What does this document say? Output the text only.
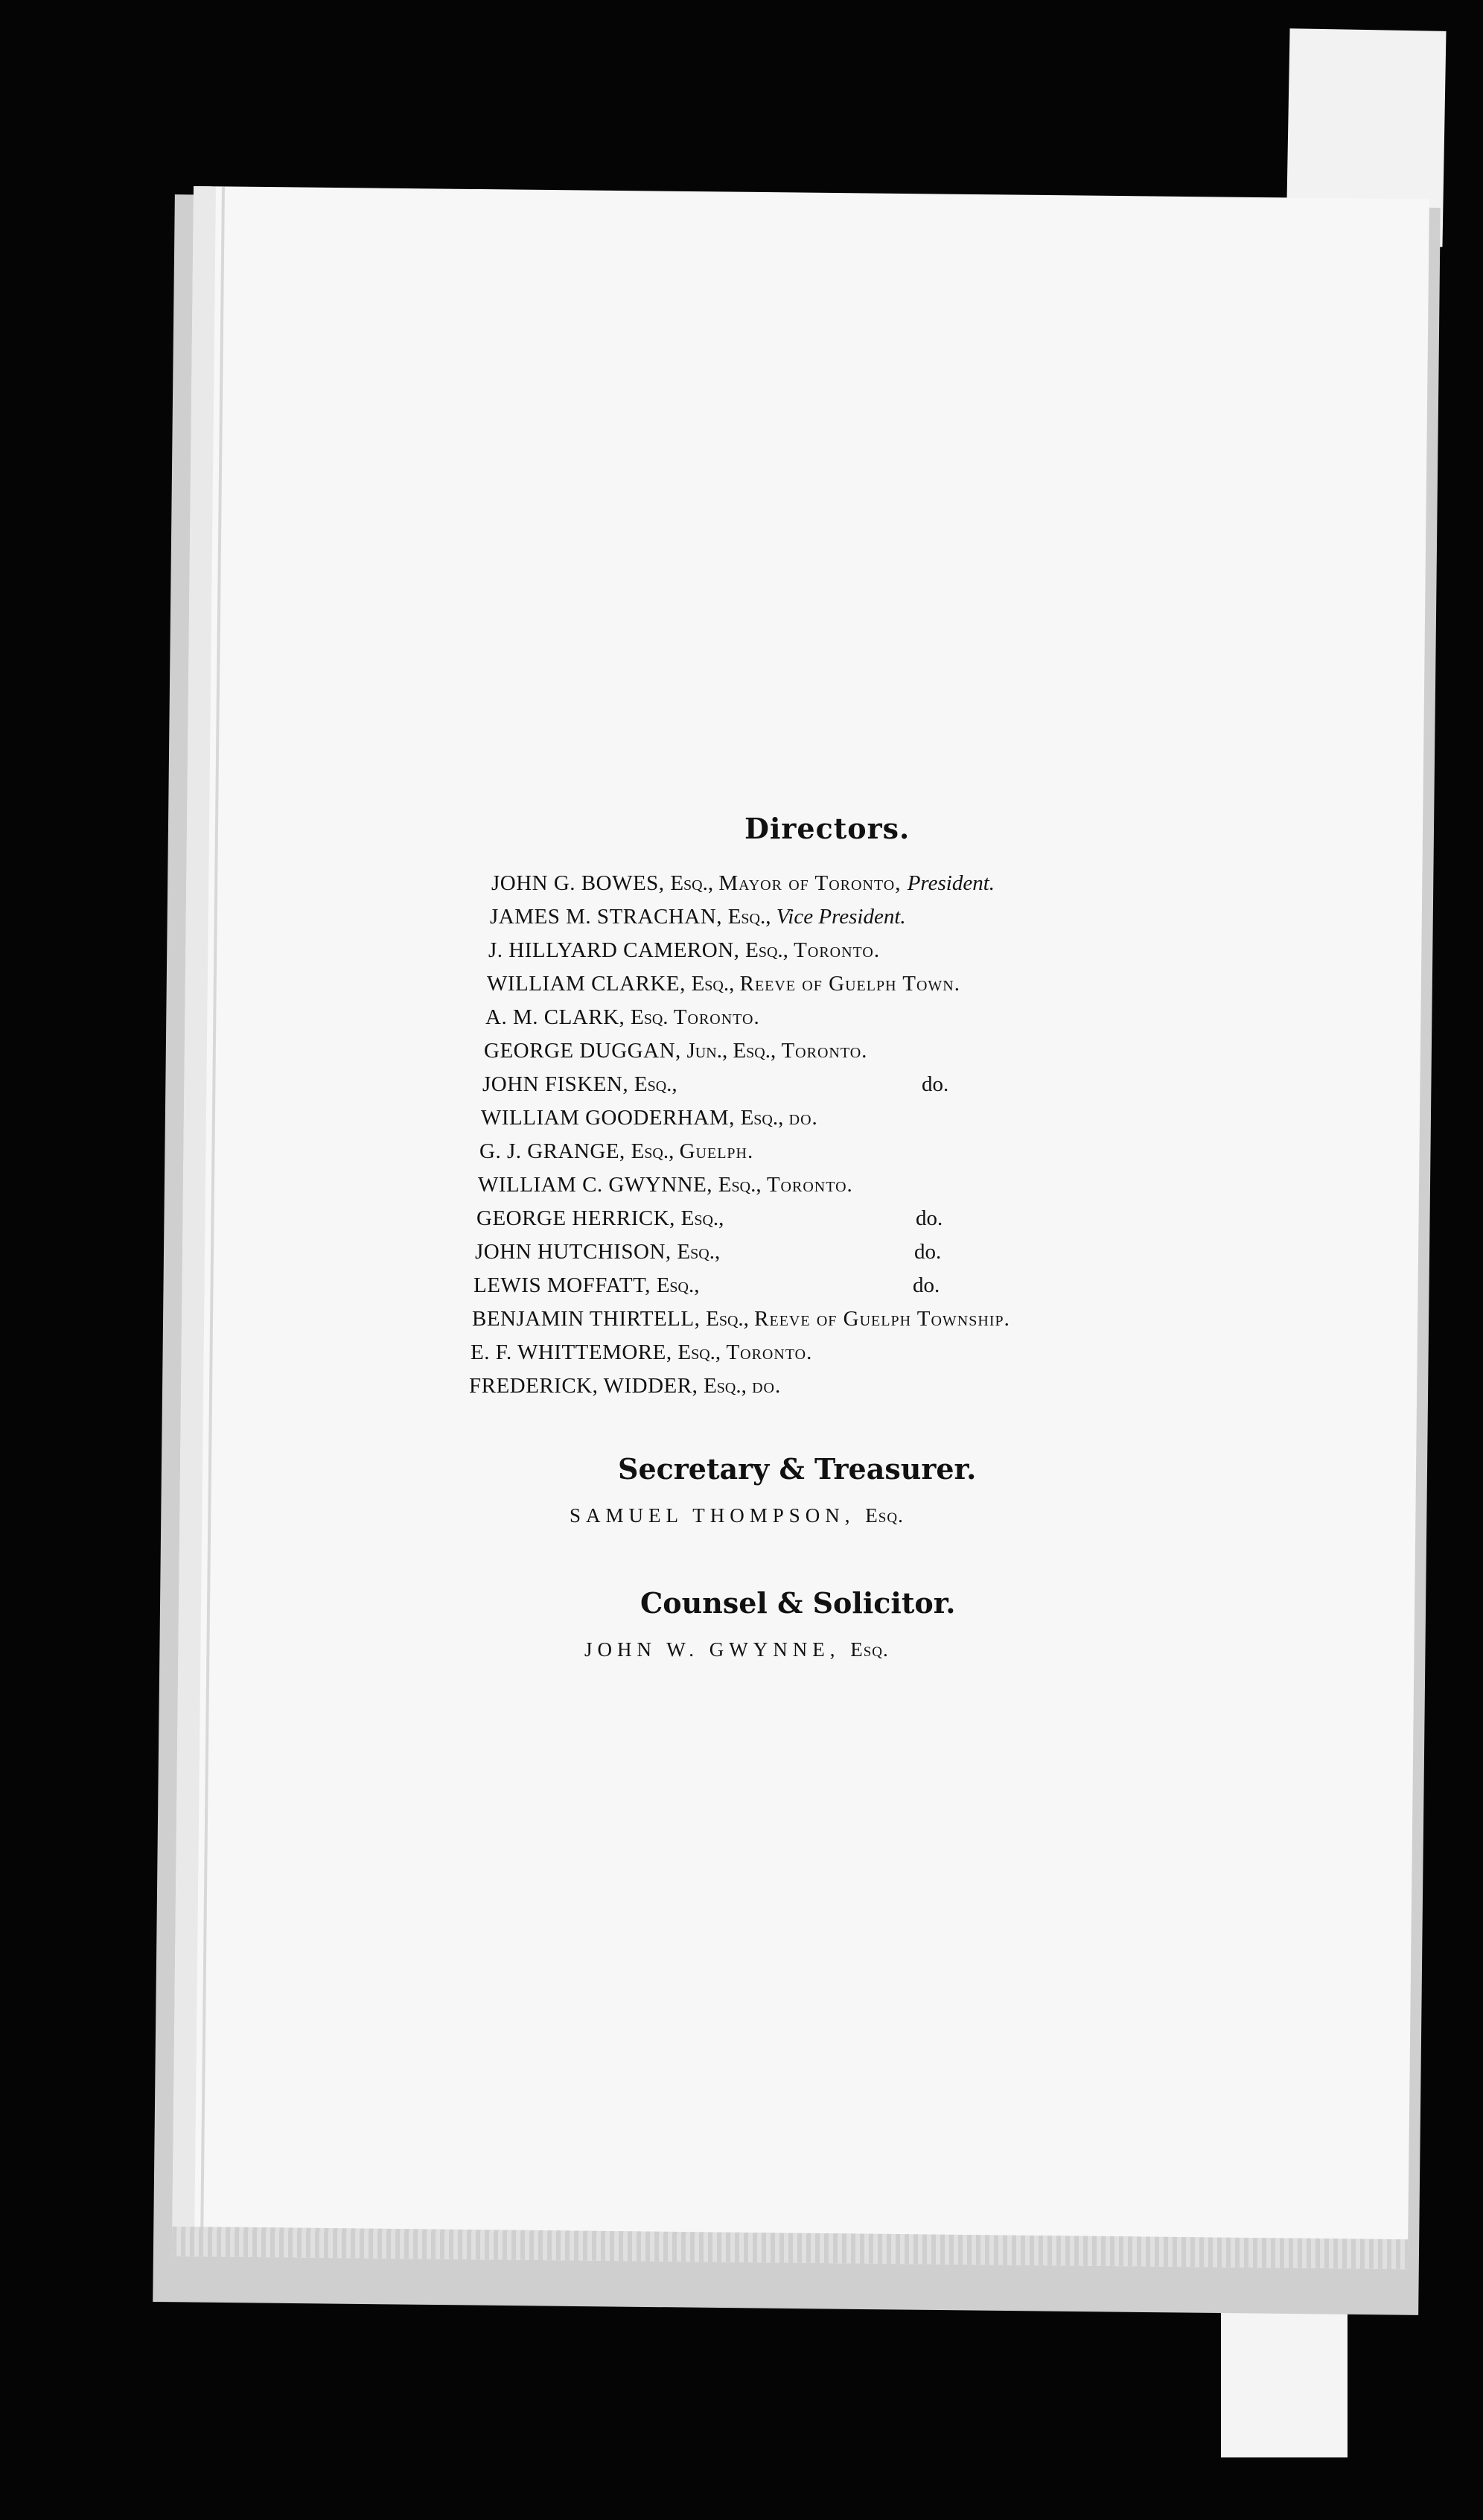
Directors.
JOHN G. BOWES, Esq., Mayor of Toronto, President.
JAMES M. STRACHAN, Esq., Vice President.
J. HILLYARD CAMERON, Esq., Toronto.
WILLIAM CLARKE, Esq., Reeve of Guelph Town.
A. M. CLARK, Esq. Toronto.
GEORGE DUGGAN, Jun., Esq., Toronto.
JOHN FISKEN, Esq.,	do.
WILLIAM GOODERHAM, Esq., do.
G. J. GRANGE, Esq., Guelph.
WILLIAM C. GWYNNE, Esq., Toronto.
GEORGE HERRICK, Esq.,	do.
JOHN HUTCHISON, Esq.,	do.
LEWIS MOFFATT, Esq.,	do.
BENJAMIN THIRTELL, Esq., Reeve of Guelph Township.
E. F. WHITTEMORE, Esq., Toronto.
FREDERICK, WIDDER, Esq., do.
Secretary & Treasurer.
SAMUEL THOMPSON, Esq.
Counsel & Solicitor.
JOHN W. GWYNNE, Esq.
